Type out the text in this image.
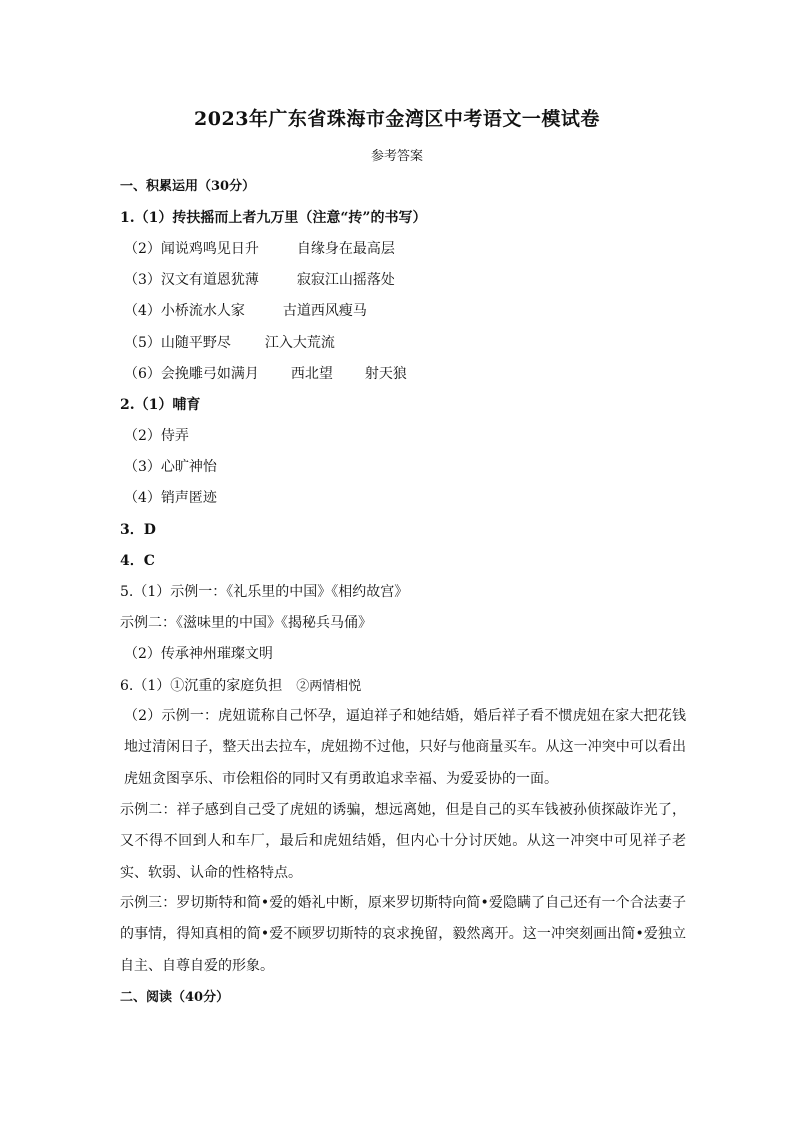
2023年广东省珠海市金湾区中考语文一模试卷
参考答案
一、积累运用（30分）
1.（1）抟扶摇而上者九万里（注意“抟”的书写）
（2）闻说鸡鸣见日升	自缘身在最高层
（3）汉文有道恩犹薄	寂寂江山摇落处
（4）小桥流水人家	古道西风瘦马
（5）山随平野尽 江入大荒流
（6）会挽雕弓如满月 西北望 射天狼
2.（1）哺育
（2）侍弄
（3）心旷神怡
（4）销声匿迹
3．D
4．C
5.（1）示例一：《礼乐里的中国》《相约故宫》
示例二：《滋味里的中国》《揭秘兵马俑》
（2）传承神州璀璨文明
6.（1）①沉重的家庭负担 ②两情相悦
（2）示例一：虎妞谎称自己怀孕，逼迫祥子和她结婚，婚后祥子看不惯虎妞在家大把花钱地过清闲日子，整天出去拉车，虎妞拗不过他，只好与他商量买车。从这一冲突中可以看出虎妞贪图享乐、市侩粗俗的同时又有勇敢追求幸福、为爱妥协的一面。
示例二：祥子感到自己受了虎妞的诱骗，想远离她，但是自己的买车钱被孙侦探敲诈光了，又不得不回到人和车厂，最后和虎妞结婚，但内心十分讨厌她。从这一冲突中可见祥子老实、软弱、认命的性格特点。
示例三：罗切斯特和简•爱的婚礼中断，原来罗切斯特向简•爱隐瞒了自己还有一个合法妻子的事情，得知真相的简•爱不顾罗切斯特的哀求挽留，毅然离开。这一冲突刻画出简•爱独立自主、自尊自爱的形象。
二、阅读（40分）
